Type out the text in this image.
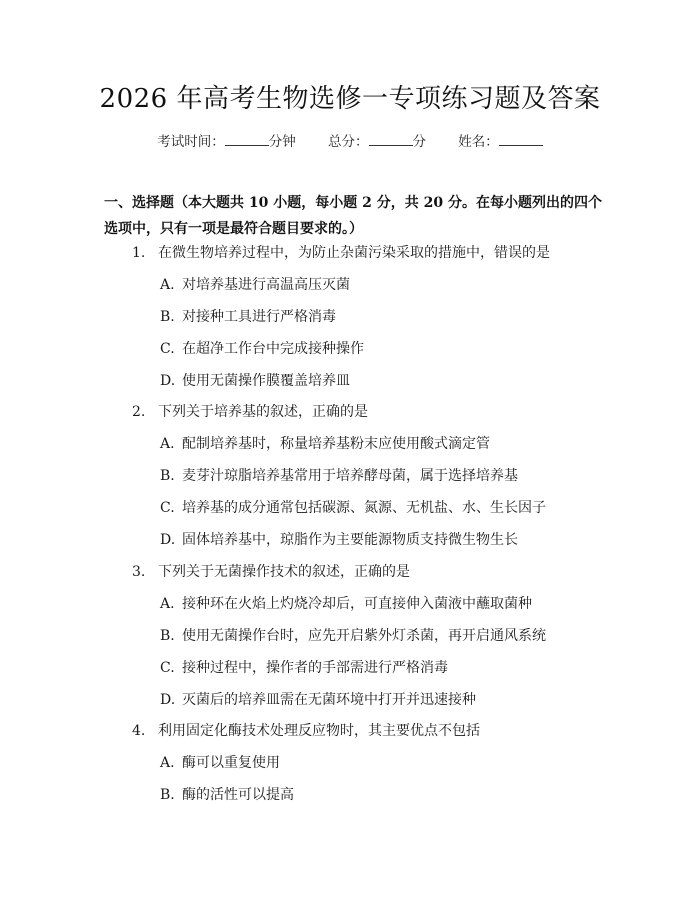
2026 年高考生物选修一专项练习题及答案
考试时间：	分钟 总分：	分 姓名：
一、选择题（本大题共 10 小题，每小题 2 分，共 20 分。在每小题列出的四个选项中，只有一项是最符合题目要求的。）
1. 在微生物培养过程中，为防止杂菌污染采取的措施中，错误的是
A. 对培养基进行高温高压灭菌
B. 对接种工具进行严格消毒
C. 在超净工作台中完成接种操作
D. 使用无菌操作膜覆盖培养皿
2. 下列关于培养基的叙述，正确的是
A. 配制培养基时，称量培养基粉末应使用酸式滴定管
B. 麦芽汁琼脂培养基常用于培养酵母菌，属于选择培养基
C. 培养基的成分通常包括碳源、氮源、无机盐、水、生长因子
D. 固体培养基中，琼脂作为主要能源物质支持微生物生长
3. 下列关于无菌操作技术的叙述，正确的是
A. 接种环在火焰上灼烧冷却后，可直接伸入菌液中蘸取菌种
B. 使用无菌操作台时，应先开启紫外灯杀菌，再开启通风系统
C. 接种过程中，操作者的手部需进行严格消毒
D. 灭菌后的培养皿需在无菌环境中打开并迅速接种
4. 利用固定化酶技术处理反应物时，其主要优点不包括
A. 酶可以重复使用
B. 酶的活性可以提高
